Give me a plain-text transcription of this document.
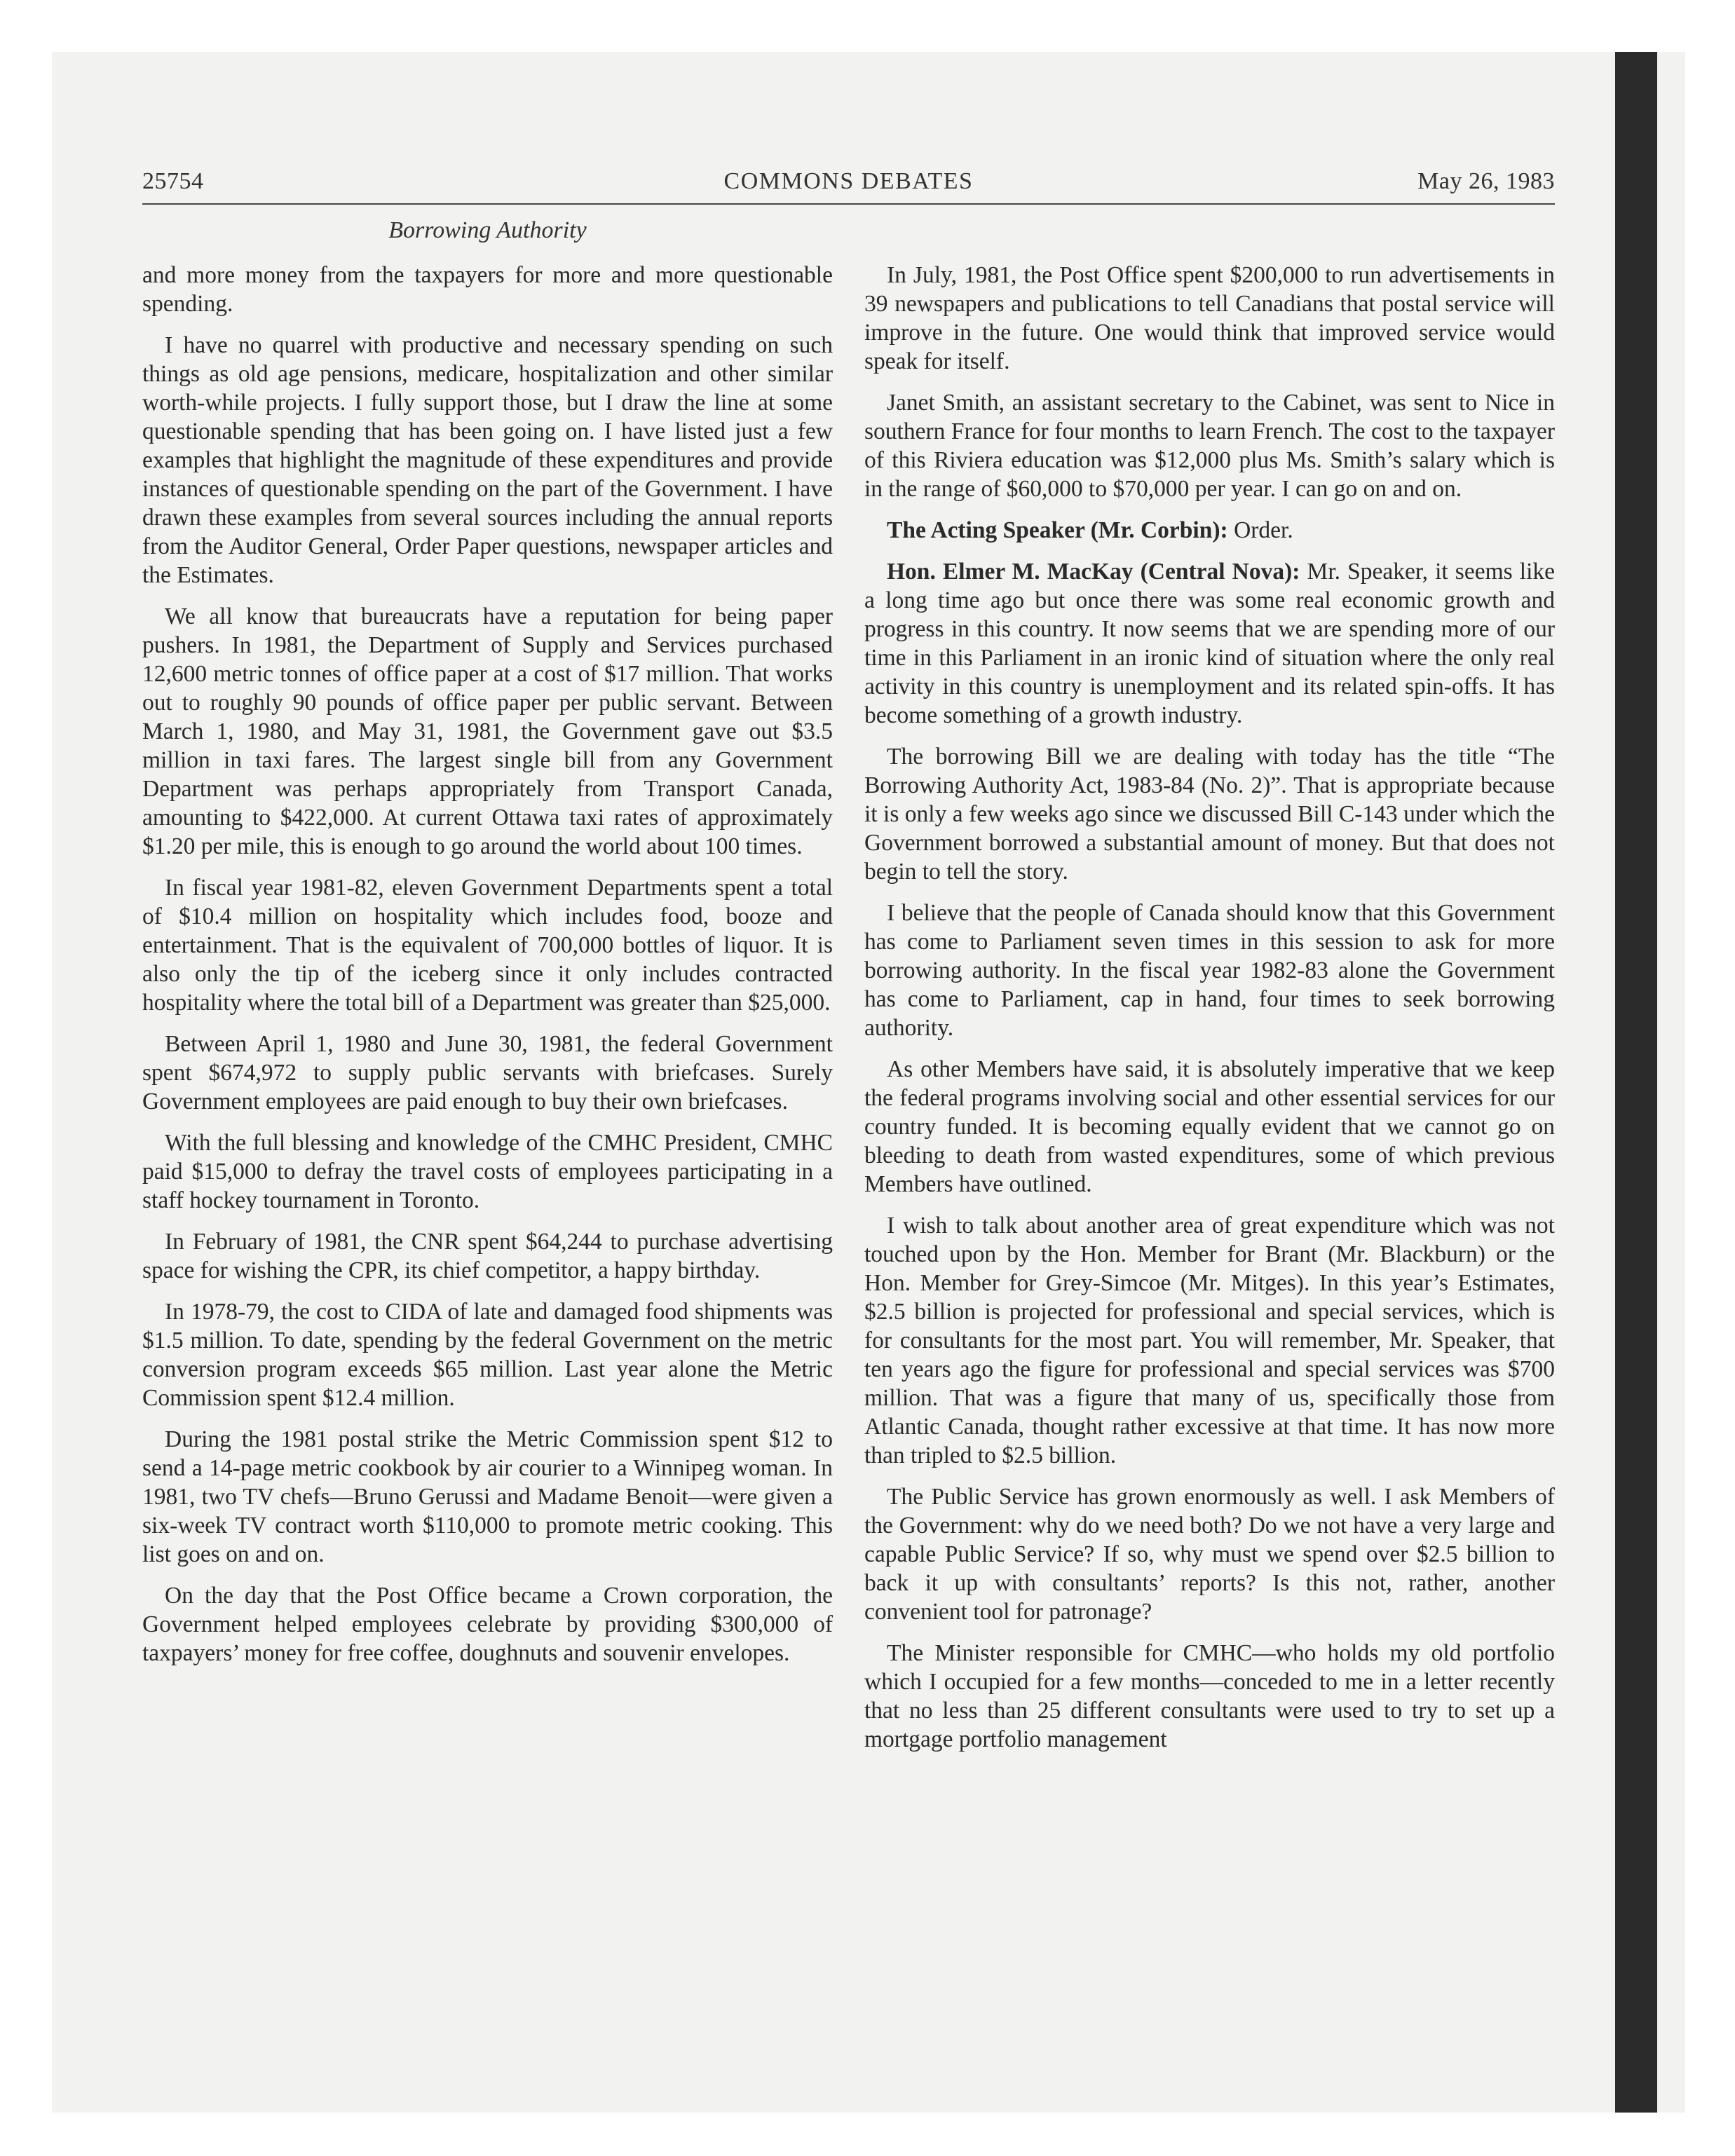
25754	COMMONS DEBATES	May 26, 1983
Borrowing Authority

and more money from the taxpayers for more and more questionable spending.

I have no quarrel with productive and necessary spending on such things as old age pensions, medicare, hospitalization and other similar worth-while projects. I fully support those, but I draw the line at some questionable spending that has been going on. I have listed just a few examples that highlight the magnitude of these expenditures and provide instances of questionable spending on the part of the Government. I have drawn these examples from several sources including the annual reports from the Auditor General, Order Paper questions, newspaper articles and the Estimates.

We all know that bureaucrats have a reputation for being paper pushers. In 1981, the Department of Supply and Services purchased 12,600 metric tonnes of office paper at a cost of $17 million. That works out to roughly 90 pounds of office paper per public servant. Between March 1, 1980, and May 31, 1981, the Government gave out $3.5 million in taxi fares. The largest single bill from any Government Department was perhaps appropriately from Transport Canada, amounting to $422,000. At current Ottawa taxi rates of approximately $1.20 per mile, this is enough to go around the world about 100 times.

In fiscal year 1981-82, eleven Government Departments spent a total of $10.4 million on hospitality which includes food, booze and entertainment. That is the equivalent of 700,000 bottles of liquor. It is also only the tip of the iceberg since it only includes contracted hospitality where the total bill of a Department was greater than $25,000.

Between April 1, 1980 and June 30, 1981, the federal Government spent $674,972 to supply public servants with briefcases. Surely Government employees are paid enough to buy their own briefcases.

With the full blessing and knowledge of the CMHC President, CMHC paid $15,000 to defray the travel costs of employees participating in a staff hockey tournament in Toronto.

In February of 1981, the CNR spent $64,244 to purchase advertising space for wishing the CPR, its chief competitor, a happy birthday.

In 1978-79, the cost to CIDA of late and damaged food shipments was $1.5 million. To date, spending by the federal Government on the metric conversion program exceeds $65 million. Last year alone the Metric Commission spent $12.4 million.

During the 1981 postal strike the Metric Commission spent $12 to send a 14-page metric cookbook by air courier to a Winnipeg woman. In 1981, two TV chefs—Bruno Gerussi and Madame Benoit—were given a six-week TV contract worth $110,000 to promote metric cooking. This list goes on and on.

On the day that the Post Office became a Crown corporation, the Government helped employees celebrate by providing $300,000 of taxpayers’ money for free coffee, doughnuts and souvenir envelopes.

In July, 1981, the Post Office spent $200,000 to run advertisements in 39 newspapers and publications to tell Canadians that postal service will improve in the future. One would think that improved service would speak for itself.

Janet Smith, an assistant secretary to the Cabinet, was sent to Nice in southern France for four months to learn French. The cost to the taxpayer of this Riviera education was $12,000 plus Ms. Smith’s salary which is in the range of $60,000 to $70,000 per year. I can go on and on.

The Acting Speaker (Mr. Corbin): Order.

Hon. Elmer M. MacKay (Central Nova): Mr. Speaker, it seems like a long time ago but once there was some real economic growth and progress in this country. It now seems that we are spending more of our time in this Parliament in an ironic kind of situation where the only real activity in this country is unemployment and its related spin-offs. It has become something of a growth industry.

The borrowing Bill we are dealing with today has the title “The Borrowing Authority Act, 1983-84 (No. 2)”. That is appropriate because it is only a few weeks ago since we discussed Bill C-143 under which the Government borrowed a substantial amount of money. But that does not begin to tell the story.

I believe that the people of Canada should know that this Government has come to Parliament seven times in this session to ask for more borrowing authority. In the fiscal year 1982-83 alone the Government has come to Parliament, cap in hand, four times to seek borrowing authority.

As other Members have said, it is absolutely imperative that we keep the federal programs involving social and other essential services for our country funded. It is becoming equally evident that we cannot go on bleeding to death from wasted expenditures, some of which previous Members have outlined.

I wish to talk about another area of great expenditure which was not touched upon by the Hon. Member for Brant (Mr. Blackburn) or the Hon. Member for Grey-Simcoe (Mr. Mitges). In this year’s Estimates, $2.5 billion is projected for professional and special services, which is for consultants for the most part. You will remember, Mr. Speaker, that ten years ago the figure for professional and special services was $700 million. That was a figure that many of us, specifically those from Atlantic Canada, thought rather excessive at that time. It has now more than tripled to $2.5 billion.

The Public Service has grown enormously as well. I ask Members of the Government: why do we need both? Do we not have a very large and capable Public Service? If so, why must we spend over $2.5 billion to back it up with consultants’ reports? Is this not, rather, another convenient tool for patronage?

The Minister responsible for CMHC—who holds my old portfolio which I occupied for a few months—conceded to me in a letter recently that no less than 25 different consultants were used to try to set up a mortgage portfolio management
